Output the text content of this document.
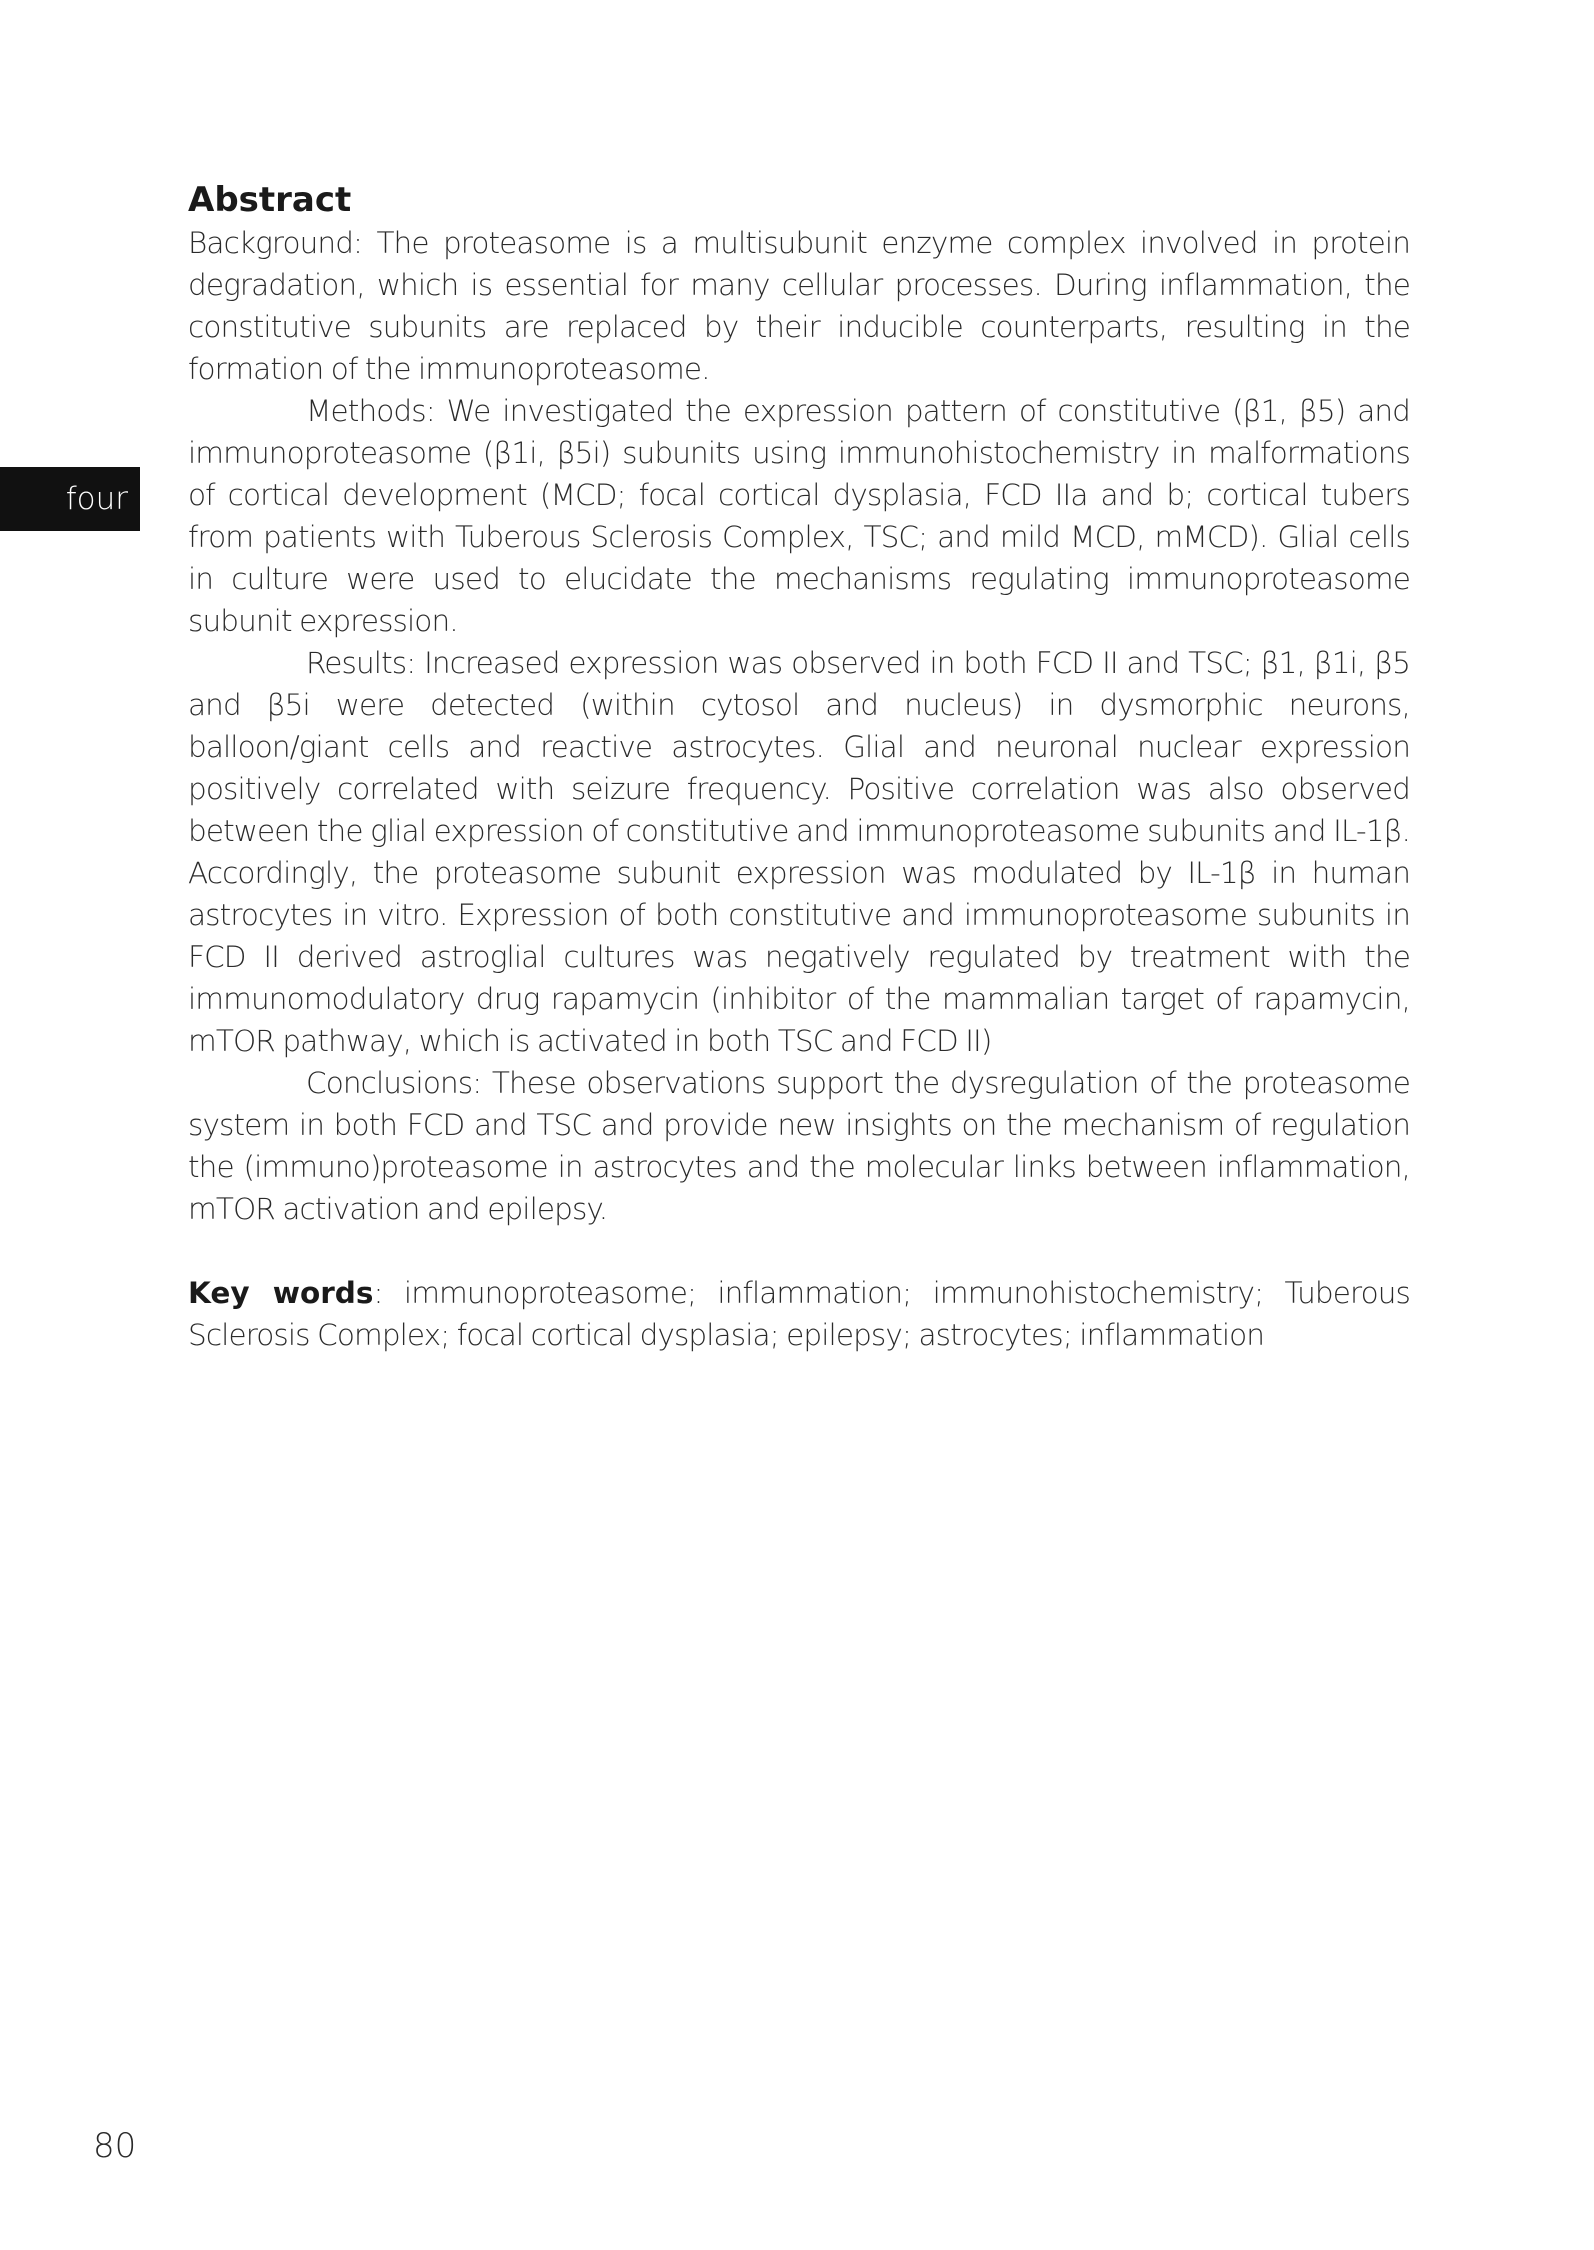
four
Abstract

Background: The proteasome is a multisubunit enzyme complex involved in protein degradation, which is essential for many cellular processes. During inflammation, the constitutive subunits are replaced by their inducible counterparts, resulting in the formation of the immunoproteasome.

Methods: We investigated the expression pattern of constitutive (β1, β5) and immunoproteasome (β1i, β5i) subunits using immunohistochemistry in malformations of cortical development (MCD; focal cortical dysplasia, FCD IIa and b; cortical tubers from patients with Tuberous Sclerosis Complex, TSC; and mild MCD, mMCD). Glial cells in culture were used to elucidate the mechanisms regulating immunoproteasome subunit expression.

Results: Increased expression was observed in both FCD II and TSC; β1, β1i, β5 and β5i were detected (within cytosol and nucleus) in dysmorphic neurons, balloon/giant cells and reactive astrocytes. Glial and neuronal nuclear expression positively correlated with seizure frequency. Positive correlation was also observed between the glial expression of constitutive and immunoproteasome subunits and IL-1β. Accordingly, the proteasome subunit expression was modulated by IL-1β in human astrocytes in vitro. Expression of both constitutive and immunoproteasome subunits in FCD II derived astroglial cultures was negatively regulated by treatment with the immunomodulatory drug rapamycin (inhibitor of the mammalian target of rapamycin, mTOR pathway, which is activated in both TSC and FCD II)

Conclusions: These observations support the dysregulation of the proteasome system in both FCD and TSC and provide new insights on the mechanism of regulation the (immuno)proteasome in astrocytes and the molecular links between inflammation, mTOR activation and epilepsy.

Key words: immunoproteasome; inflammation; immunohistochemistry; Tuberous Sclerosis Complex; focal cortical dysplasia; epilepsy; astrocytes; inflammation

80
